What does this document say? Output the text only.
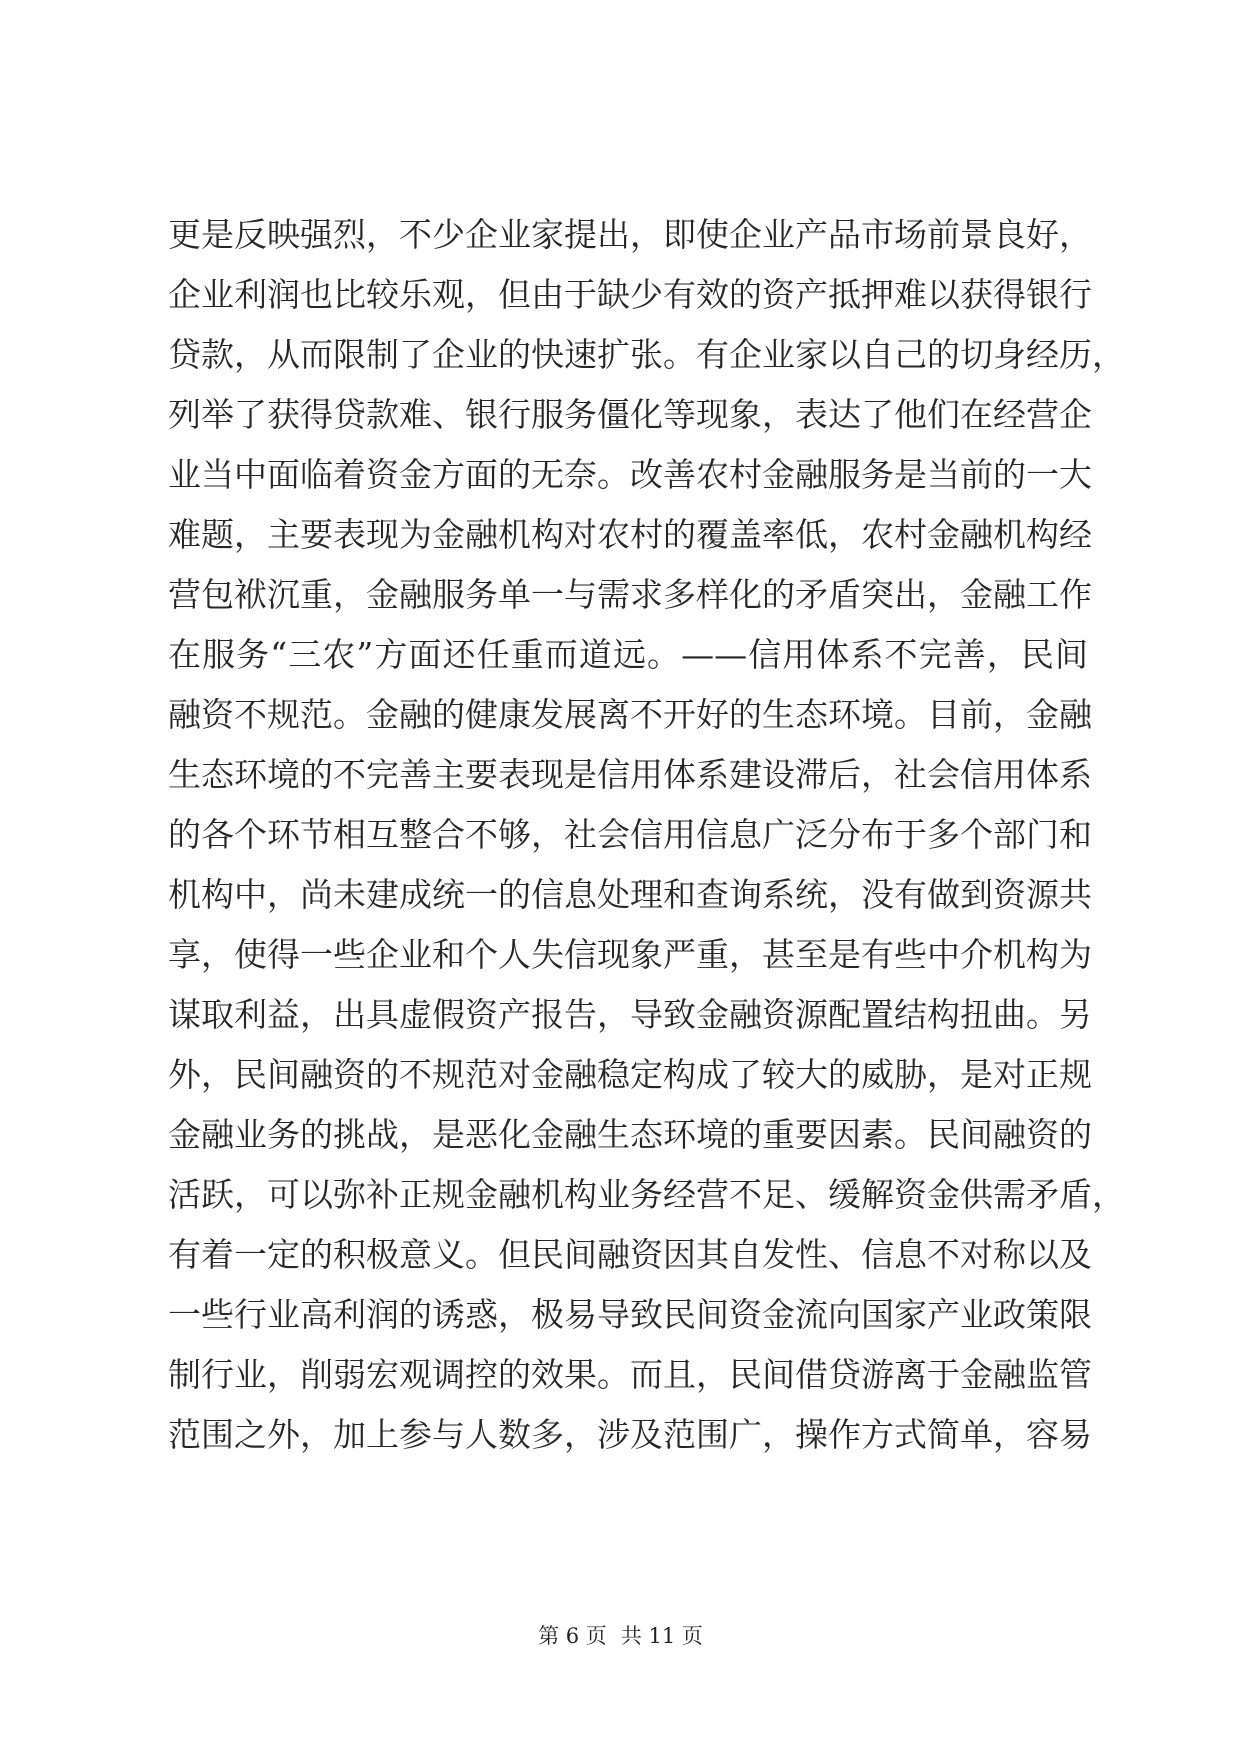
更是反映强烈，不少企业家提出，即使企业产品市场前景良好，
企业利润也比较乐观，但由于缺少有效的资产抵押难以获得银行
贷款，从而限制了企业的快速扩张。有企业家以自己的切身经历，
列举了获得贷款难、银行服务僵化等现象，表达了他们在经营企
业当中面临着资金方面的无奈。改善农村金融服务是当前的一大
难题，主要表现为金融机构对农村的覆盖率低，农村金融机构经
营包袱沉重，金融服务单一与需求多样化的矛盾突出，金融工作
在服务“三农”方面还任重而道远。——信用体系不完善，民间
融资不规范。金融的健康发展离不开好的生态环境。目前，金融
生态环境的不完善主要表现是信用体系建设滞后，社会信用体系
的各个环节相互整合不够，社会信用信息广泛分布于多个部门和
机构中，尚未建成统一的信息处理和查询系统，没有做到资源共
享，使得一些企业和个人失信现象严重，甚至是有些中介机构为
谋取利益，出具虚假资产报告，导致金融资源配置结构扭曲。另
外，民间融资的不规范对金融稳定构成了较大的威胁，是对正规
金融业务的挑战，是恶化金融生态环境的重要因素。民间融资的
活跃，可以弥补正规金融机构业务经营不足、缓解资金供需矛盾，
有着一定的积极意义。但民间融资因其自发性、信息不对称以及
一些行业高利润的诱惑，极易导致民间资金流向国家产业政策限
制行业，削弱宏观调控的效果。而且，民间借贷游离于金融监管
范围之外，加上参与人数多，涉及范围广，操作方式简单，容易
第 6 页 共 11 页
